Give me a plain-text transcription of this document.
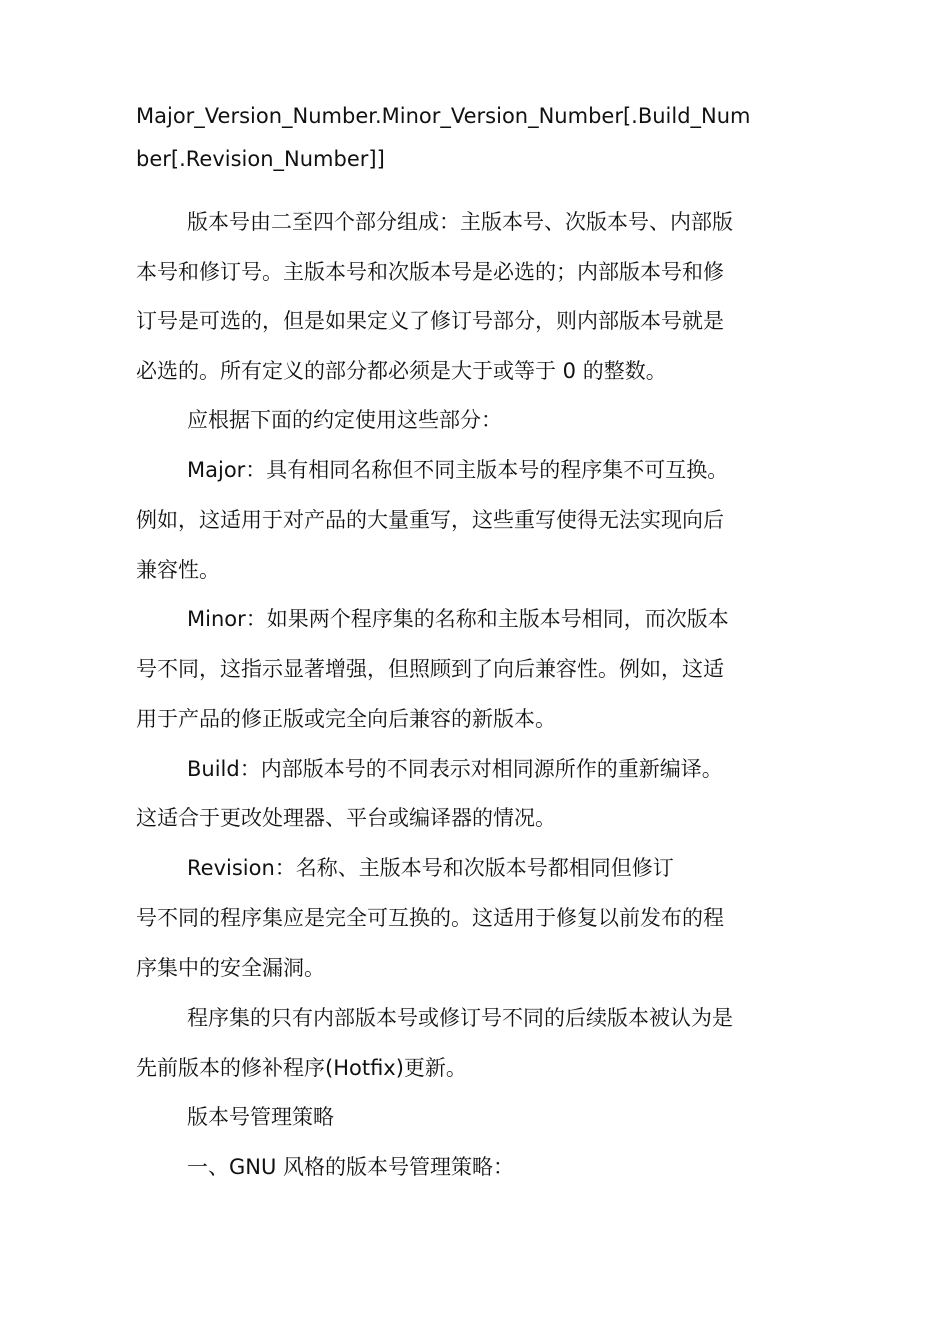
Major_Version_Number.Minor_Version_Number[.Build_Num
ber[.Revision_Number]]
版本号由二至四个部分组成：主版本号、次版本号、内部版
本号和修订号。主版本号和次版本号是必选的；内部版本号和修
订号是可选的，但是如果定义了修订号部分，则内部版本号就是
必选的。所有定义的部分都必须是大于或等于 0 的整数。
应根据下面的约定使用这些部分：
Major：具有相同名称但不同主版本号的程序集不可互换。
例如，这适用于对产品的大量重写，这些重写使得无法实现向后
兼容性。
Minor：如果两个程序集的名称和主版本号相同，而次版本
号不同，这指示显著增强，但照顾到了向后兼容性。例如，这适
用于产品的修正版或完全向后兼容的新版本。
Build：内部版本号的不同表示对相同源所作的重新编译。
这适合于更改处理器、平台或编译器的情况。
Revision：名称、主版本号和次版本号都相同但修订
号不同的程序集应是完全可互换的。这适用于修复以前发布的程
序集中的安全漏洞。
程序集的只有内部版本号或修订号不同的后续版本被认为是
先前版本的修补程序(Hotfix)更新。
版本号管理策略
一、GNU 风格的版本号管理策略：
